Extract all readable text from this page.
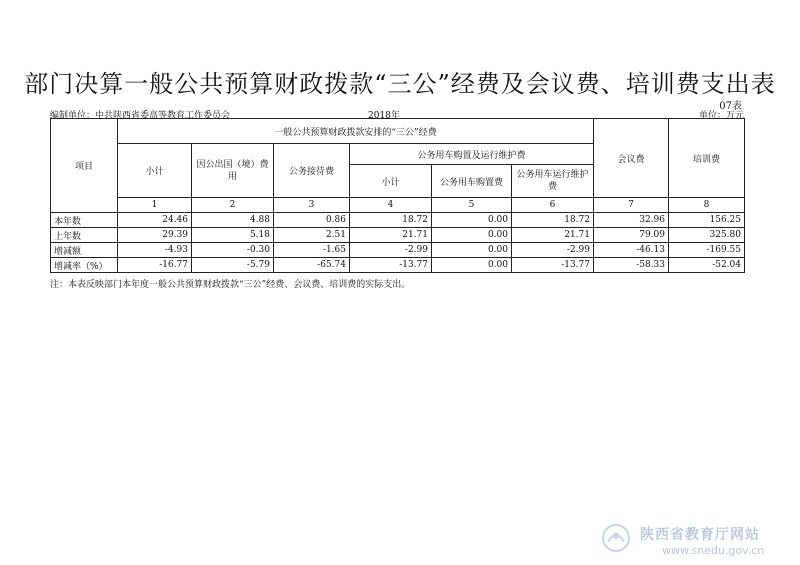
部门决算一般公共预算财政拨款“三公”经费及会议费、培训费支出表
07表
编制单位：中共陕西省委高等教育工作委员会	2018年	单位：万元
项目	一般公共预算财政拨款安排的“三公”经费						会议费	培训费
	小计	因公出国（境）费用	公务接待费	公务用车购置及运行维护费				
				小计	公务用车购置费	公务用车运行维护费		
	1	2	3	4	5	6	7	8
本年数	24.46	4.88	0.86	18.72	0.00	18.72	32.96	156.25
上年数	29.39	5.18	2.51	21.71	0.00	21.71	79.09	325.80
增减额	-4.93	-0.30	-1.65	-2.99	0.00	-2.99	-46.13	-169.55
增减率（%）	-16.77	-5.79	-65.74	-13.77	0.00	-13.77	-58.33	-52.04
注：本表反映部门本年度一般公共预算财政拨款“三公”经费、会议费、培训费的实际支出。
陕西省教育厅网站
www.snedu.gov.cn
